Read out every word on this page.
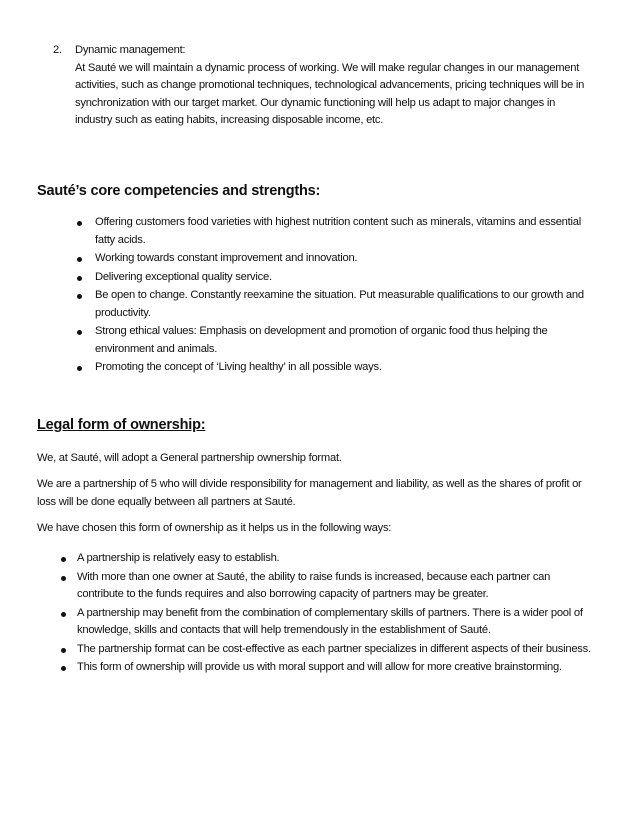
2. Dynamic management:
At Sauté we will maintain a dynamic process of working. We will make regular changes in our management activities, such as change promotional techniques, technological advancements, pricing techniques will be in synchronization with our target market. Our dynamic functioning will help us adapt to major changes in industry such as eating habits, increasing disposable income, etc.
Sauté’s core competencies and strengths:
Offering customers food varieties with highest nutrition content such as minerals, vitamins and essential fatty acids.
Working towards constant improvement and innovation.
Delivering exceptional quality service.
Be open to change. Constantly reexamine the situation. Put measurable qualifications to our growth and productivity.
Strong ethical values: Emphasis on development and promotion of organic food thus helping the environment and animals.
Promoting the concept of ‘Living healthy’ in all possible ways.
Legal form of ownership:

We, at Sauté, will adopt a General partnership ownership format.

We are a partnership of 5 who will divide responsibility for management and liability, as well as the shares of profit or loss will be done equally between all partners at Sauté.

We have chosen this form of ownership as it helps us in the following ways:

A partnership is relatively easy to establish.
With more than one owner at Sauté, the ability to raise funds is increased, because each partner can contribute to the funds requires and also borrowing capacity of partners may be greater.
A partnership may benefit from the combination of complementary skills of partners. There is a wider pool of knowledge, skills and contacts that will help tremendously in the establishment of Sauté.
The partnership format can be cost-effective as each partner specializes in different aspects of their business.
This form of ownership will provide us with moral support and will allow for more creative brainstorming.
